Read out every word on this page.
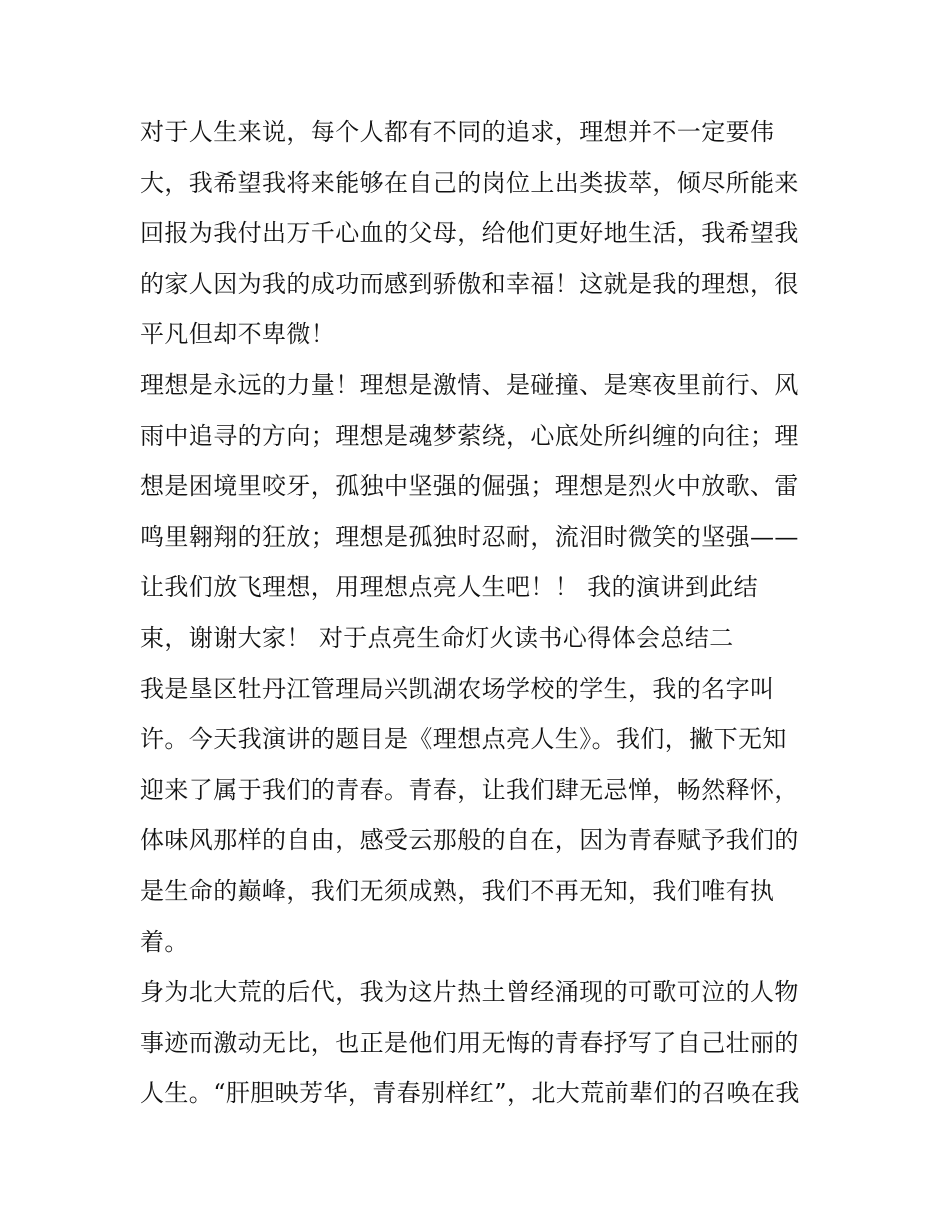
对于人生来说，每个人都有不同的追求，理想并不一定要伟
大，我希望我将来能够在自己的岗位上出类拔萃，倾尽所能来
回报为我付出万千心血的父母，给他们更好地生活，我希望我
的家人因为我的成功而感到骄傲和幸福！这就是我的理想，很
平凡但却不卑微！
理想是永远的力量！理想是激情、是碰撞、是寒夜里前行、风
雨中追寻的方向；理想是魂梦萦绕，心底处所纠缠的向往；理
想是困境里咬牙，孤独中坚强的倔强；理想是烈火中放歌、雷
鸣里翱翔的狂放；理想是孤独时忍耐，流泪时微笑的坚强——
让我们放飞理想，用理想点亮人生吧！！ 我的演讲到此结
束，谢谢大家！ 对于点亮生命灯火读书心得体会总结二
我是垦区牡丹江管理局兴凯湖农场学校的学生，我的名字叫
许。今天我演讲的题目是《理想点亮人生》。我们，撇下无知
迎来了属于我们的青春。青春，让我们肆无忌惮，畅然释怀，
体味风那样的自由，感受云那般的自在，因为青春赋予我们的
是生命的巅峰，我们无须成熟，我们不再无知，我们唯有执
着。
身为北大荒的后代，我为这片热土曾经涌现的可歌可泣的人物
事迹而激动无比，也正是他们用无悔的青春抒写了自己壮丽的
人生。“肝胆映芳华，青春别样红”，北大荒前辈们的召唤在我
